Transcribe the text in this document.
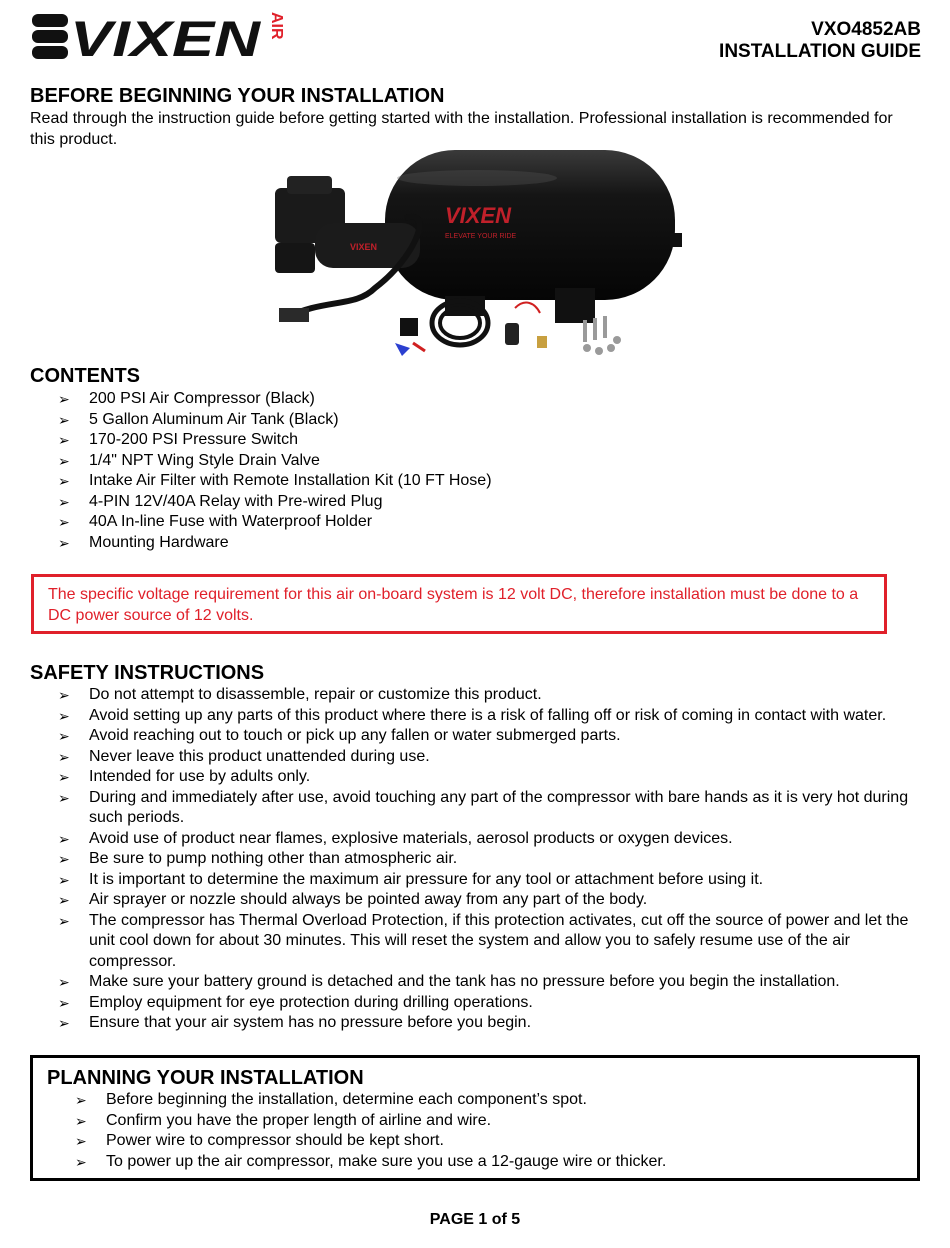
VIXEN AIR	VXO4852AB
INSTALLATION GUIDE
BEFORE BEGINNING YOUR INSTALLATION

Read through the instruction guide before getting started with the installation. Professional installation is recommended for this product.

VIXEN
ELEVATE YOUR RIDE
VIXEN
CONTENTS
➢ 200 PSI Air Compressor (Black)
➢ 5 Gallon Aluminum Air Tank (Black)
➢ 170-200 PSI Pressure Switch
➢ 1/4" NPT Wing Style Drain Valve
➢ Intake Air Filter with Remote Installation Kit (10 FT Hose)
➢ 4-PIN 12V/40A Relay with Pre-wired Plug
➢ 40A In-line Fuse with Waterproof Holder
➢ Mounting Hardware

The specific voltage requirement for this air on-board system is 12 volt DC, therefore installation must be done to a DC power source of 12 volts.

SAFETY INSTRUCTIONS
➢ Do not attempt to disassemble, repair or customize this product.
➢ Avoid setting up any parts of this product where there is a risk of falling off or risk of coming in contact with water.
➢ Avoid reaching out to touch or pick up any fallen or water submerged parts.
➢ Never leave this product unattended during use.
➢ Intended for use by adults only.
➢ During and immediately after use, avoid touching any part of the compressor with bare hands as it is very hot during such periods.
➢ Avoid use of product near flames, explosive materials, aerosol products or oxygen devices.
➢ Be sure to pump nothing other than atmospheric air.
➢ It is important to determine the maximum air pressure for any tool or attachment before using it.
➢ Air sprayer or nozzle should always be pointed away from any part of the body.
➢ The compressor has Thermal Overload Protection, if this protection activates, cut off the source of power and let the unit cool down for about 30 minutes. This will reset the system and allow you to safely resume use of the air compressor.
➢ Make sure your battery ground is detached and the tank has no pressure before you begin the installation.
➢ Employ equipment for eye protection during drilling operations.
➢ Ensure that your air system has no pressure before you begin.
PLANNING YOUR INSTALLATION
➢ Before beginning the installation, determine each component’s spot.
➢ Confirm you have the proper length of airline and wire.
➢ Power wire to compressor should be kept short.
➢ To power up the air compressor, make sure you use a 12-gauge wire or thicker.
PAGE 1 of 5
